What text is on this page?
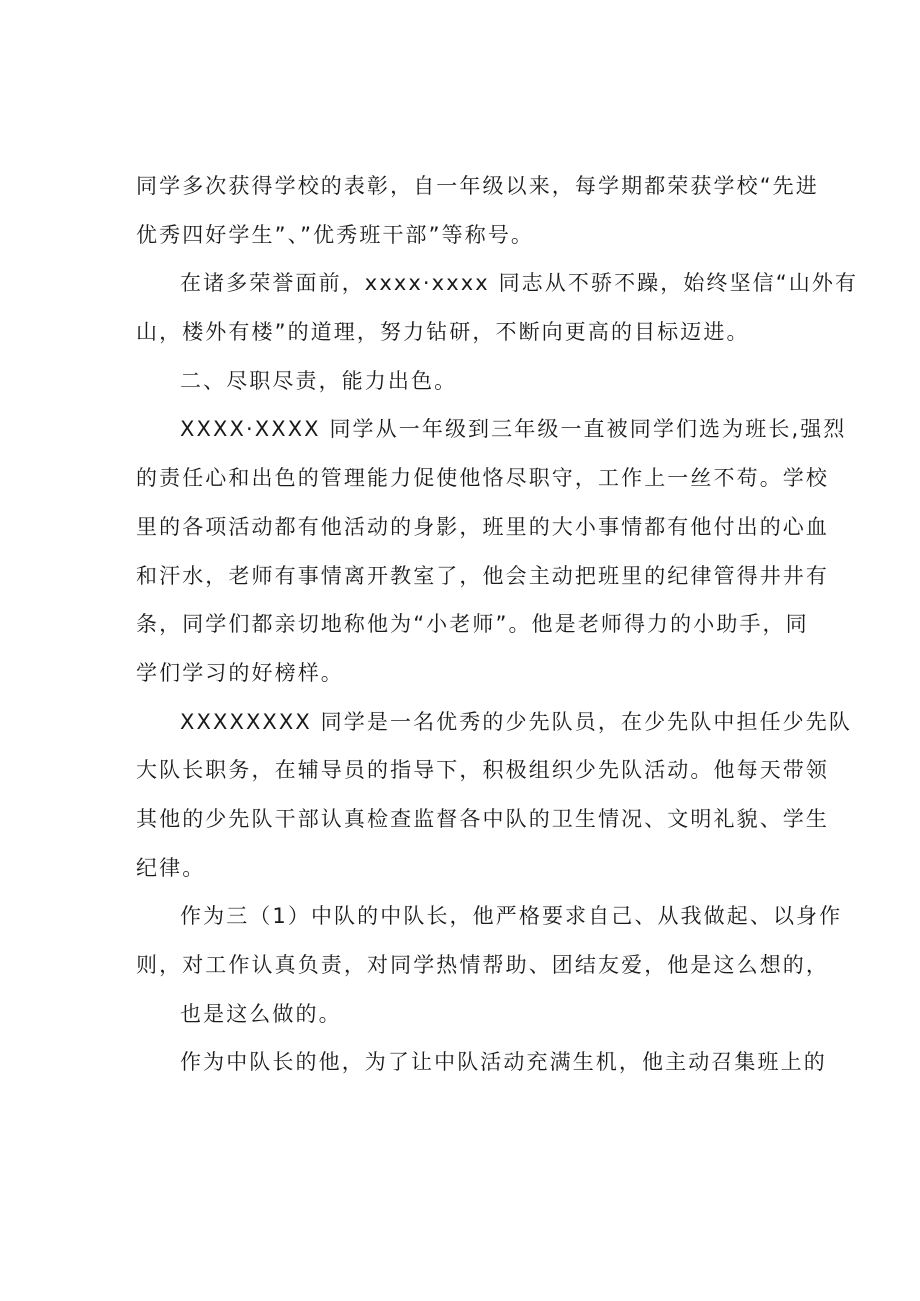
同学多次获得学校的表彰，自一年级以来，每学期都荣获学校“先进
优秀四好学生”、”优秀班干部”等称号。
在诸多荣誉面前，xxxx·xxxx 同志从不骄不躁，始终坚信“山外有
山，楼外有楼”的道理，努力钻研，不断向更高的目标迈进。
二、尽职尽责，能力出色。
XXXX·XXXX 同学从一年级到三年级一直被同学们选为班长,强烈
的责任心和出色的管理能力促使他恪尽职守，工作上一丝不苟。学校
里的各项活动都有他活动的身影，班里的大小事情都有他付出的心血
和汗水，老师有事情离开教室了，他会主动把班里的纪律管得井井有
条，同学们都亲切地称他为“小老师”。他是老师得力的小助手，同
学们学习的好榜样。
XXXXXXXX 同学是一名优秀的少先队员，在少先队中担任少先队
大队长职务，在辅导员的指导下，积极组织少先队活动。他每天带领
其他的少先队干部认真检查监督各中队的卫生情况、文明礼貌、学生
纪律。
作为三（1）中队的中队长，他严格要求自己、从我做起、以身作
则，对工作认真负责，对同学热情帮助、团结友爱，他是这么想的，
也是这么做的。
作为中队长的他，为了让中队活动充满生机，他主动召集班上的
